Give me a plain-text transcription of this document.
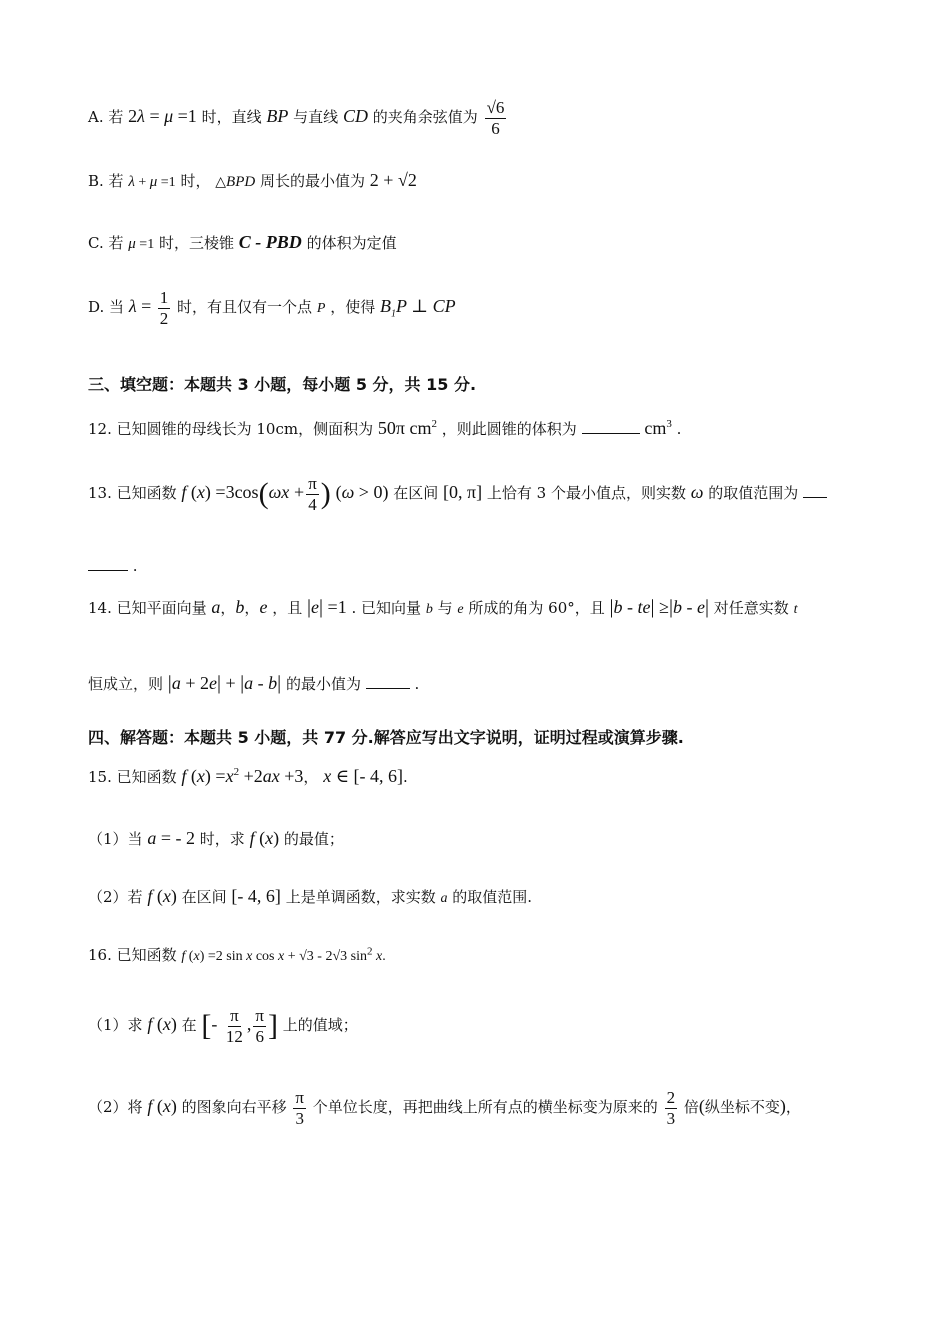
A. 若 2λ = μ =1 时，直线 BP 与直线 CD 的夹角余弦值为 $\frac{√6}{6}$
B. 若 λ + μ =1 时， △BPD 周长的最小值为 2 + √2
C. 若 μ =1 时，三棱锥 C - PBD 的体积为定值
D. 当 $\lambda = \frac{1}{2}$ 时，有且仅有一个点 P ，使得 $B_1P$ ⊥ CP
三、填空题：本题共 3 小题，每小题 5 分，共 15 分.
12. 已知圆锥的母线长为 10cm，侧面积为 50π $cm^2$ ，则此圆锥的体积为	$cm^3$ .
13. 已知函数 f $(x) =3\cos(\omega x + \frac{\pi}{4}$ ) (ω > 0) 在区间 [0, π] 上恰有 3 个最小值点，则实数 ω 的取值范围为
.
14. 已知平面向量 a，b，e ，且 |e| =1 . 已知向量 b 与 e 所成的角为 60°，且 |b - te| ≥|b - e| 对任意实数 t
恒成立，则 |a + 2e| + |a - b| 的最小值为	.
四、解答题：本题共 5 小题，共 77 分.解答应写出文字说明，证明过程或演算步骤.
15. 已知函数 f $(x) =x^2 +2ax +3$， x ∈ [- 4, 6].
（1）当 a = - 2 时，求 f (x) 的最值；
（2）若 f (x) 在区间 [- 4, 6] 上是单调函数，求实数 a 的取值范围.
16. 已知函数 f (x) =2 sin x cos x + √3 - 2√3 $\sin^2 x$.
（1）求 f (x) 在 [- $\frac{\pi}{12}$ , $\frac{\pi}{6}$ ] 上的值域；
（2）将 f (x) 的图象向右平移 $\frac{\pi}{3}$ 个单位长度，再把曲线上所有点的横坐标变为原来的 $\frac{2}{3}$ 倍(纵坐标不变)，
